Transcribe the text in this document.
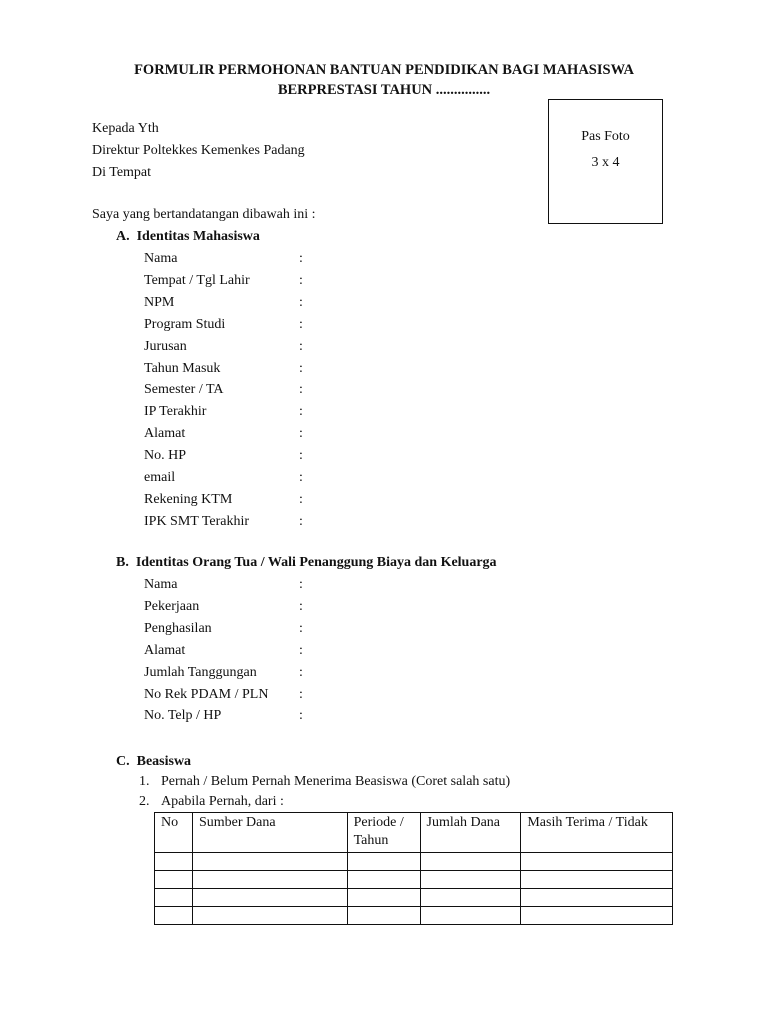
FORMULIR PERMOHONAN BANTUAN PENDIDIKAN BAGI MAHASISWA
BERPRESTASI TAHUN ...............
Pas Foto
3 x 4
Kepada Yth
Direktur Poltekkes Kemenkes Padang
Di Tempat
Saya yang bertandatangan dibawah ini :
A.  Identitas Mahasiswa
Nama	:
Tempat / Tgl Lahir	:
NPM	:
Program Studi	:
Jurusan	:
Tahun Masuk	:
Semester / TA	:
IP Terakhir	:
Alamat	:
No. HP	:
email	:
Rekening KTM	:
IPK SMT Terakhir	:
B.  Identitas Orang Tua / Wali Penanggung Biaya dan Keluarga
Nama	:
Pekerjaan	:
Penghasilan	:
Alamat	:
Jumlah Tanggungan	:
No Rek PDAM / PLN :
No. Telp / HP	:
C.  Beasiswa
1. Pernah / Belum Pernah Menerima Beasiswa (Coret salah satu)
2. Apabila Pernah, dari :
No	Sumber Dana	Periode / Tahun	Jumlah Dana	Masih Terima / Tidak
